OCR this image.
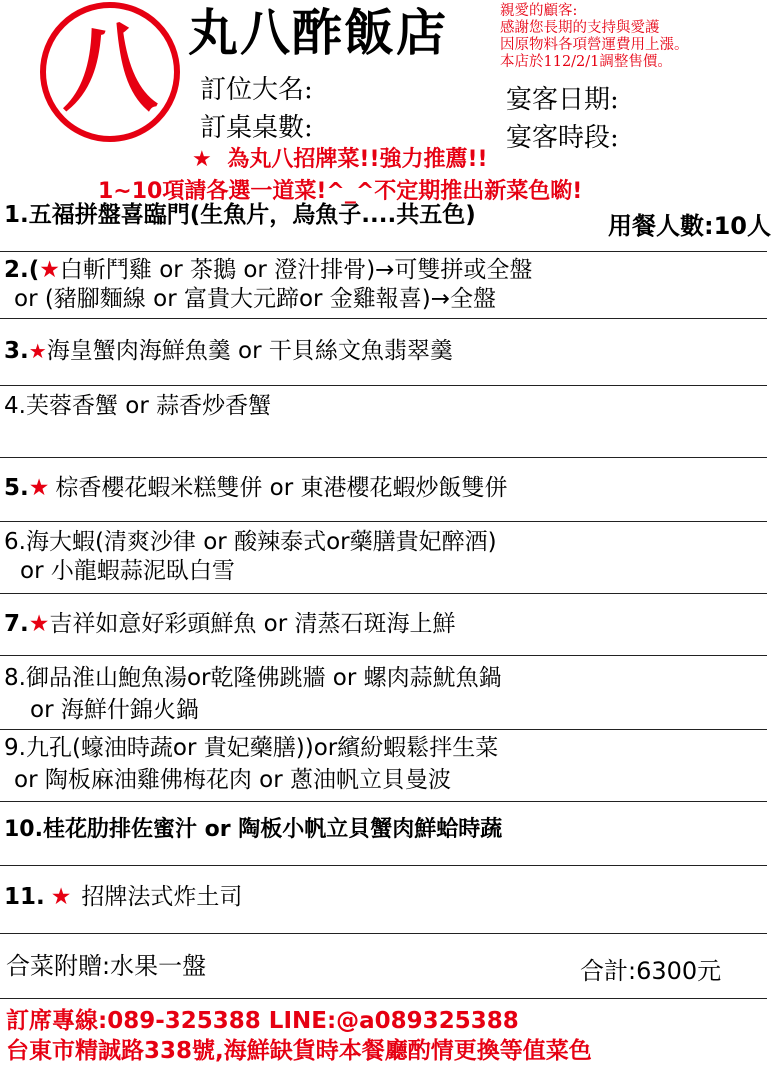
八 丸八酢飯店
訂位大名:
訂桌桌數:
宴客日期:
宴客時段:
親愛的顧客:
感謝您長期的支持與愛護
因原物料各項營運費用上漲。
本店於112/2/1調整售價。
★ 為丸八招牌菜!!強力推薦!!
1~10項請各選一道菜!^_^不定期推出新菜色喲!
1.五福拼盤喜臨門(生魚片，烏魚子....共五色)	用餐人數:10人
2.(★白斬鬥雞 or 茶鵝 or 澄汁排骨)→可雙拼或全盤
or (豬腳麵線 or 富貴大元蹄or 金雞報喜)→全盤
3.★海皇蟹肉海鮮魚羹 or 干貝絲文魚翡翠羹
4.芙蓉香蟹 or 蒜香炒香蟹
5.★ 棕香櫻花蝦米糕雙併 or 東港櫻花蝦炒飯雙併
6.海大蝦(清爽沙律 or 酸辣泰式or藥膳貴妃醉酒)
or 小龍蝦蒜泥臥白雪
7.★吉祥如意好彩頭鮮魚 or 清蒸石斑海上鮮
8.御品淮山鮑魚湯or乾隆佛跳牆 or 螺肉蒜魷魚鍋
or 海鮮什錦火鍋
9.九孔(蠔油時蔬or 貴妃藥膳))or繽紛蝦鬆拌生菜
or 陶板麻油雞佛梅花肉 or 蔥油帆立貝曼波
10.桂花肋排佐蜜汁 or 陶板小帆立貝蟹肉鮮蛤時蔬
11. ★ 招牌法式炸土司
合菜附贈:水果一盤	合計:6300元
訂席專線:089-325388 LINE:@a089325388
台東市精誠路338號,海鮮缺貨時本餐廳酌情更換等值菜色
